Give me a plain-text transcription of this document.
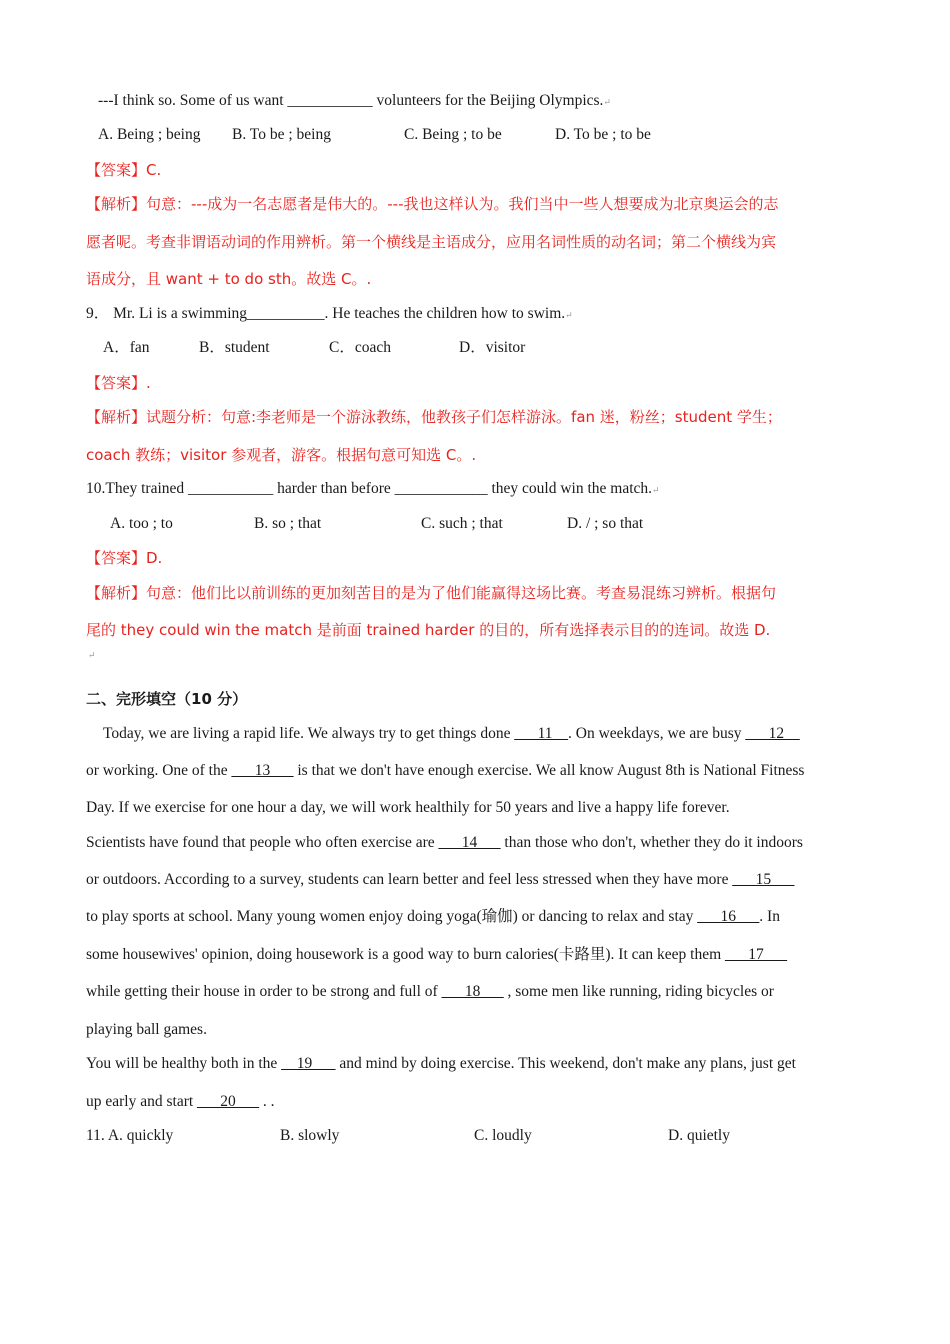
---I think so. Some of us want ___________ volunteers for the Beijing Olympics.↵
A. Being ; being B. To be ; being	C. Being ; to be	D. To be ; to be
【答案】C.
【解析】句意：---成为一名志愿者是伟大的。---我也这样认为。我们当中一些人想要成为北京奥运会的志
愿者呢。考查非谓语动词的作用辨析。第一个横线是主语成分，应用名词性质的动名词；第二个横线为宾
语成分，且 want + to do sth。故选 C。.
9． Mr. Li is a swimming__________. He teaches the children how to swim.↵
A．fan	B．student	C．coach	D．visitor
【答案】.
【解析】试题分析：句意:李老师是一个游泳教练，他教孩子们怎样游泳。fan 迷，粉丝；student 学生；
coach 教练；visitor 参观者，游客。根据句意可知选 C。.
10.They trained ___________ harder than before ____________ they could win the match.↵
A. too ; to	B. so ; that	C. such ; that	D. / ; so that
【答案】D.
【解析】句意：他们比以前训练的更加刻苦目的是为了他们能赢得这场比赛。考查易混练习辨析。根据句
尾的 they could win the match 是前面 trained harder 的目的，所有选择表示目的的连词。故选 D.
↵
二、完形填空（10 分）
Today, we are living a rapid life. We always try to get things done ___11__. On weekdays, we are busy ___12__
or working. One of the ___13___ is that we don't have enough exercise. We all know August 8th is National Fitness
Day. If we exercise for one hour a day, we will work healthily for 50 years and live a happy life forever.
Scientists have found that people who often exercise are ___14___ than those who don't, whether they do it indoors
or outdoors. According to a survey, students can learn better and feel less stressed when they have more ___15___
to play sports at school. Many young women enjoy doing yoga(瑜伽) or dancing to relax and stay ___16___. In
some housewives' opinion, doing housework is a good way to burn calories(卡路里). It can keep them ___17___
while getting their house in order to be strong and full of ___18___ , some men like running, riding bicycles or
playing ball games.
You will be healthy both in the __19___ and mind by doing exercise. This weekend, don't make any plans, just get
up early and start ___20___ . .
11. A. quickly	B. slowly	C. loudly	D. quietly
